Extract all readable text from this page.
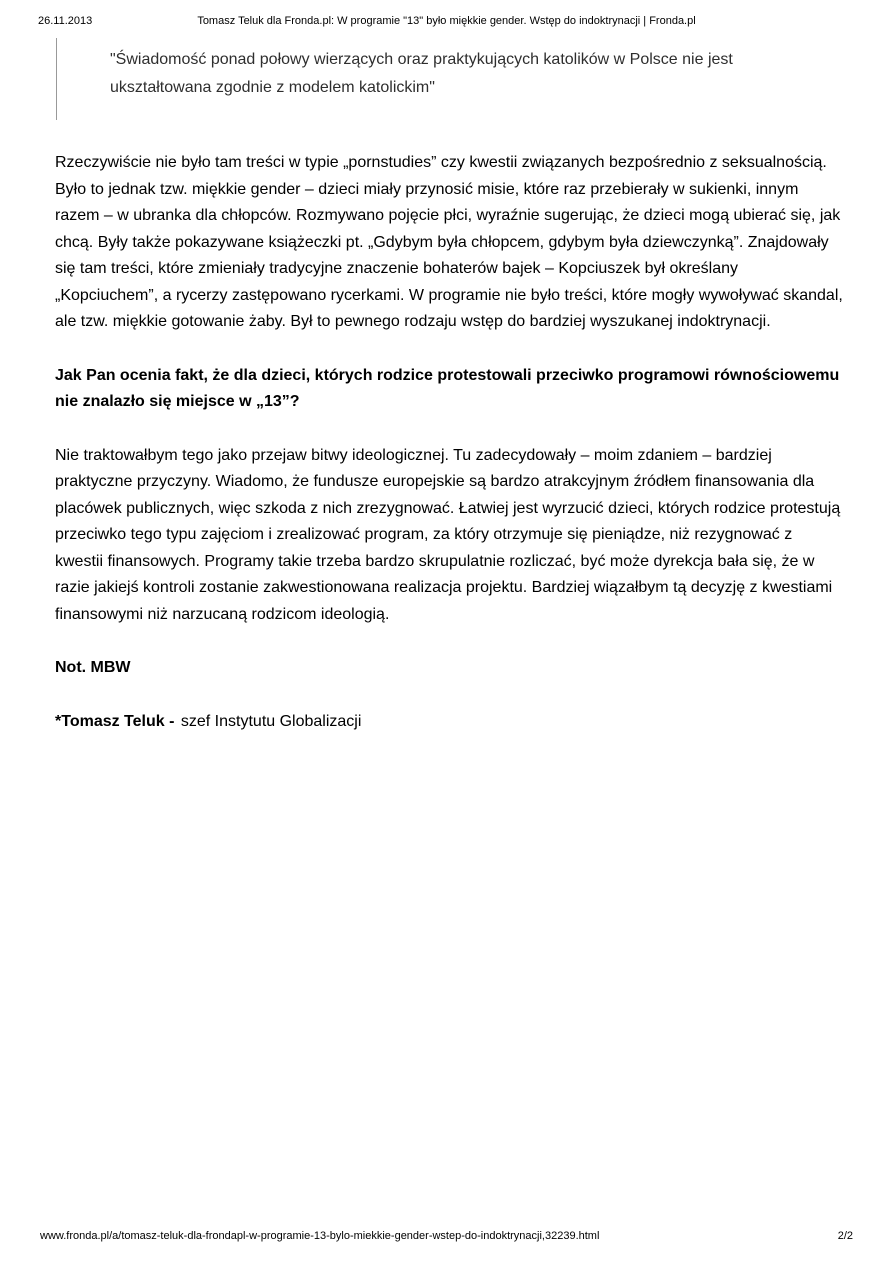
26.11.2013	Tomasz Teluk dla Fronda.pl: W programie "13" było miękkie gender. Wstęp do indoktrynacji | Fronda.pl
"Świadomość ponad połowy wierzących oraz praktykujących katolików w Polsce nie jest ukształtowana zgodnie z modelem katolickim"

Rzeczywiście nie było tam treści w typie „pornstudies” czy kwestii związanych bezpośrednio z seksualnością. Było to jednak tzw. miękkie gender – dzieci miały przynosić misie, które raz przebierały w sukienki, innym razem – w ubranka dla chłopców. Rozmywano pojęcie płci, wyraźnie sugerując, że dzieci mogą ubierać się, jak chcą. Były także pokazywane książeczki pt. „Gdybym była chłopcem, gdybym była dziewczynką”. Znajdowały się tam treści, które zmieniały tradycyjne znaczenie bohaterów bajek – Kopciuszek był określany „Kopciuchem”, a rycerzy zastępowano rycerkami. W programie nie było treści, które mogły wywoływać skandal, ale tzw. miękkie gotowanie żaby. Był to pewnego rodzaju wstęp do bardziej wyszukanej indoktrynacji.

Jak Pan ocenia fakt, że dla dzieci, których rodzice protestowali przeciwko programowi równościowemu nie znalazło się miejsce w „13”?

Nie traktowałbym tego jako przejaw bitwy ideologicznej. Tu zadecydowały – moim zdaniem – bardziej praktyczne przyczyny. Wiadomo, że fundusze europejskie są bardzo atrakcyjnym źródłem finansowania dla placówek publicznych, więc szkoda z nich zrezygnować. Łatwiej jest wyrzucić dzieci, których rodzice protestują przeciwko tego typu zajęciom i zrealizować program, za który otrzymuje się pieniądze, niż rezygnować z kwestii finansowych. Programy takie trzeba bardzo skrupulatnie rozliczać, być może dyrekcja bała się, że w razie jakiejś kontroli zostanie zakwestionowana realizacja projektu. Bardziej wiązałbym tą decyzję z kwestiami finansowymi niż narzucaną rodzicom ideologią.

Not. MBW

*Tomasz Teluk - szef Instytutu Globalizacji

www.fronda.pl/a/tomasz-teluk-dla-frondapl-w-programie-13-bylo-miekkie-gender-wstep-do-indoktrynacji,32239.html	2/2
